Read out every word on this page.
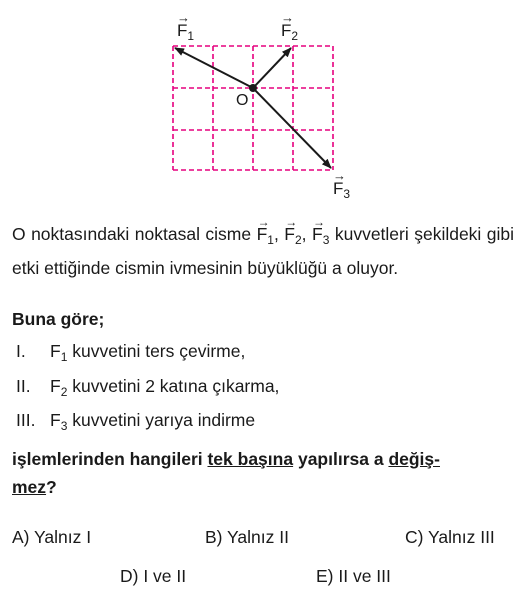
→
$F_1$
→
$F_2$
→
$F_3$
O
O noktasındaki noktasal cisme → $F_1$, → $F_2$, → $F_3$ kuvvetleri şekildeki gibi etki ettiğinde cismin ivmesinin büyüklüğü a oluyor.
Buna göre;
I. $F_1$ kuvvetini ters çevirme,
II. $F_2$ kuvvetini 2 katına çıkarma,
III. $F_3$ kuvvetini yarıya indirme
işlemlerinden hangileri tek başına yapılırsa a değiş-
mez?
A) Yalnız I	B) Yalnız II	C) Yalnız III
D) I ve II	E) II ve III
